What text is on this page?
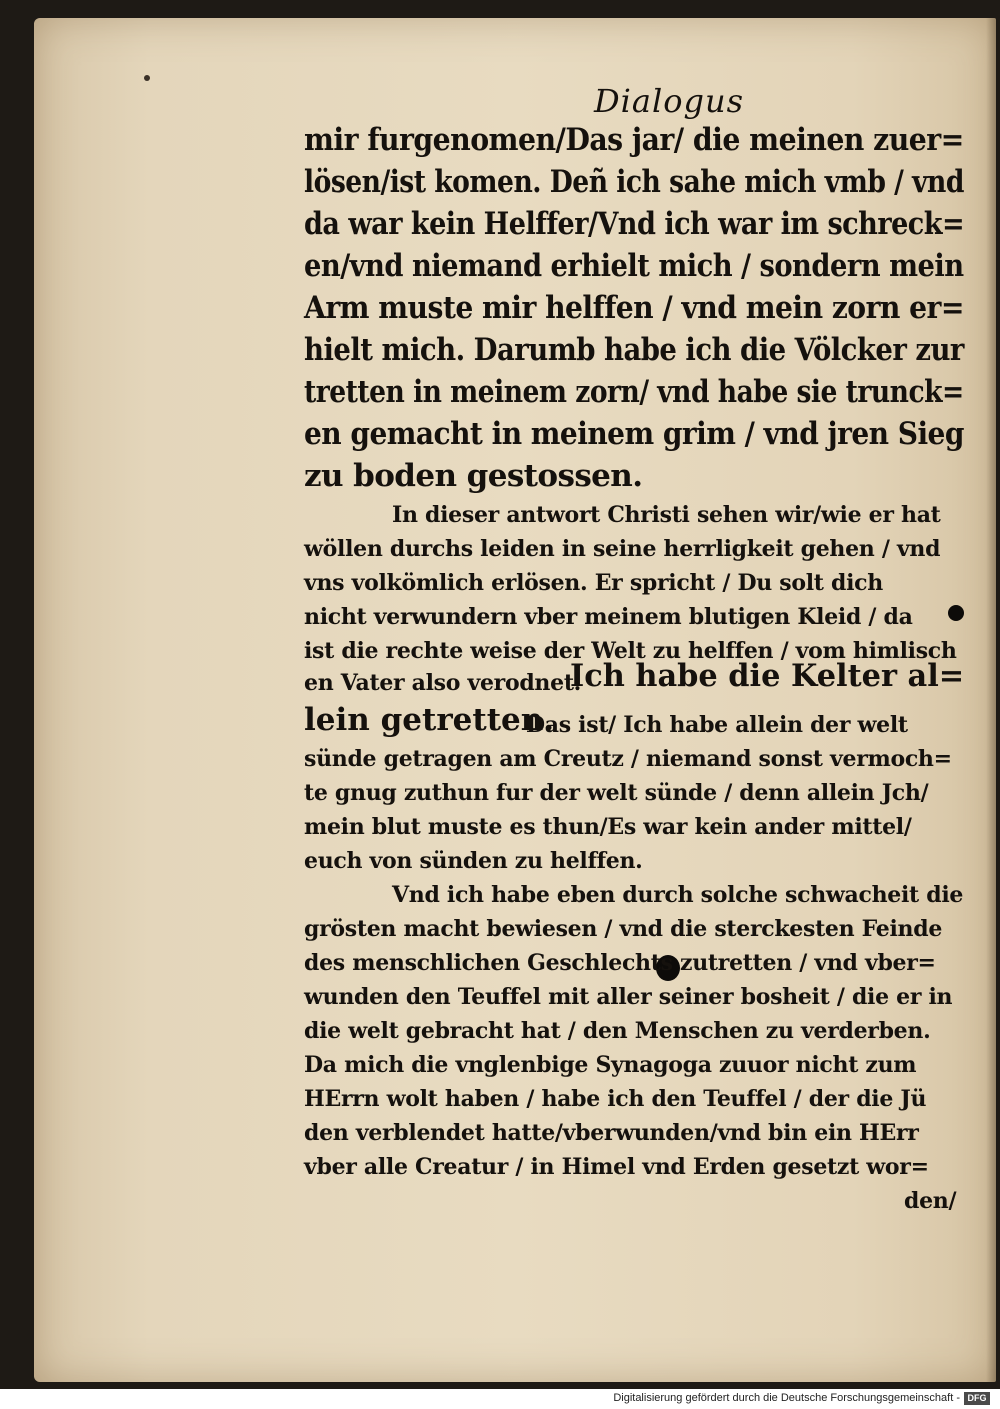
Dialogus
mir furgenomen/Das jar/ die meinen zuer=
lösen/ist komen. Deñ ich sahe mich vmb / vnd
da war kein Helffer/Vnd ich war im schreck=
en/vnd niemand erhielt mich / sondern mein
Arm muste mir helffen / vnd mein zorn er=
hielt mich. Darumb habe ich die Völcker zur
tretten in meinem zorn/ vnd habe sie trunck=
en gemacht in meinem grim / vnd jren Sieg
zu boden gestossen.
In dieser antwort Christi sehen wir/wie er hat
wöllen durchs leiden in seine herrligkeit gehen / vnd
vns volkömlich erlösen. Er spricht / Du solt dich
nicht verwundern vber meinem blutigen Kleid / da
ist die rechte weise der Welt zu helffen / vom himlisch
en Vater also verodnet.
Ich habe die Kelter al=
lein getretten.
Das ist/ Ich habe allein der welt
sünde getragen am Creutz / niemand sonst vermoch=
te gnug zuthun fur der welt sünde / denn allein Jch/
mein blut muste es thun/Es war kein ander mittel/
euch von sünden zu helffen.
Vnd ich habe eben durch solche schwacheit die
grösten macht bewiesen / vnd die sterckesten Feinde
des menschlichen Geschlechts zutretten / vnd vber=
wunden den Teuffel mit aller seiner bosheit / die er in
die welt gebracht hat / den Menschen zu verderben.
Da mich die vnglenbige Synagoga zuuor nicht zum
HErrn wolt haben / habe ich den Teuffel / der die Jü
den verblendet hatte/vberwunden/vnd bin ein HErr
vber alle Creatur / in Himel vnd Erden gesetzt wor=
den/
Digitalisierung gefördert durch die Deutsche Forschungsgemeinschaft - DFG
